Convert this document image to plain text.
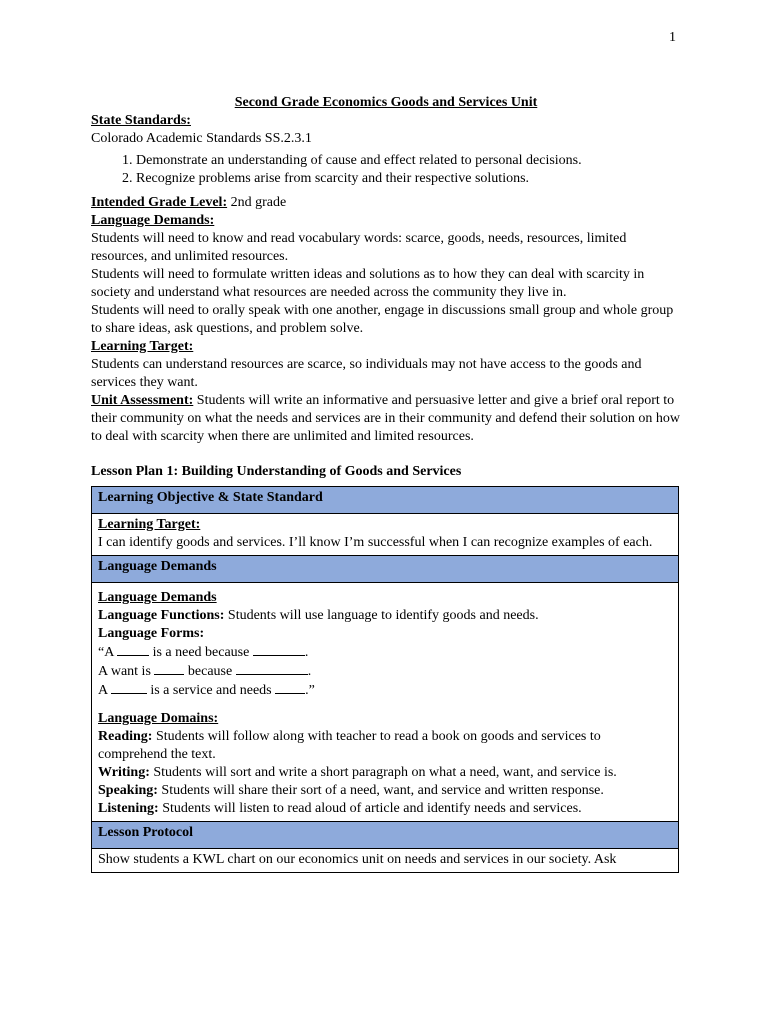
1

Second Grade Economics Goods and Services Unit

State Standards:

Colorado Academic Standards SS.2.3.1

1. Demonstrate an understanding of cause and effect related to personal decisions.
2. Recognize problems arise from scarcity and their respective solutions.

Intended Grade Level: 2nd grade

Language Demands:

Students will need to know and read vocabulary words: scarce, goods, needs, resources, limited resources, and unlimited resources.

Students will need to formulate written ideas and solutions as to how they can deal with scarcity in society and understand what resources are needed across the community they live in.

Students will need to orally speak with one another, engage in discussions small group and whole group to share ideas, ask questions, and problem solve.

Learning Target:

Students can understand resources are scarce, so individuals may not have access to the goods and services they want.

Unit Assessment: Students will write an informative and persuasive letter and give a brief oral report to their community on what the needs and services are in their community and defend their solution on how to deal with scarcity when there are unlimited and limited resources.

Lesson Plan 1: Building Understanding of Goods and Services

Learning Objective & State Standard

Learning Target:

I can identify goods and services. I’ll know I’m successful when I can recognize examples of each.

Language Demands

Language Demands

Language Functions: Students will use language to identify goods and needs.

Language Forms:

“A  is a need because	.

A want is  because	.

A	is a service and needs .”

Language Domains:

Reading: Students will follow along with teacher to read a book on goods and services to comprehend the text.

Writing: Students will sort and write a short paragraph on what a need, want, and service is.

Speaking: Students will share their sort of a need, want, and service and written response.

Listening: Students will listen to read aloud of article and identify needs and services.

Lesson Protocol

Show students a KWL chart on our economics unit on needs and services in our society. Ask
